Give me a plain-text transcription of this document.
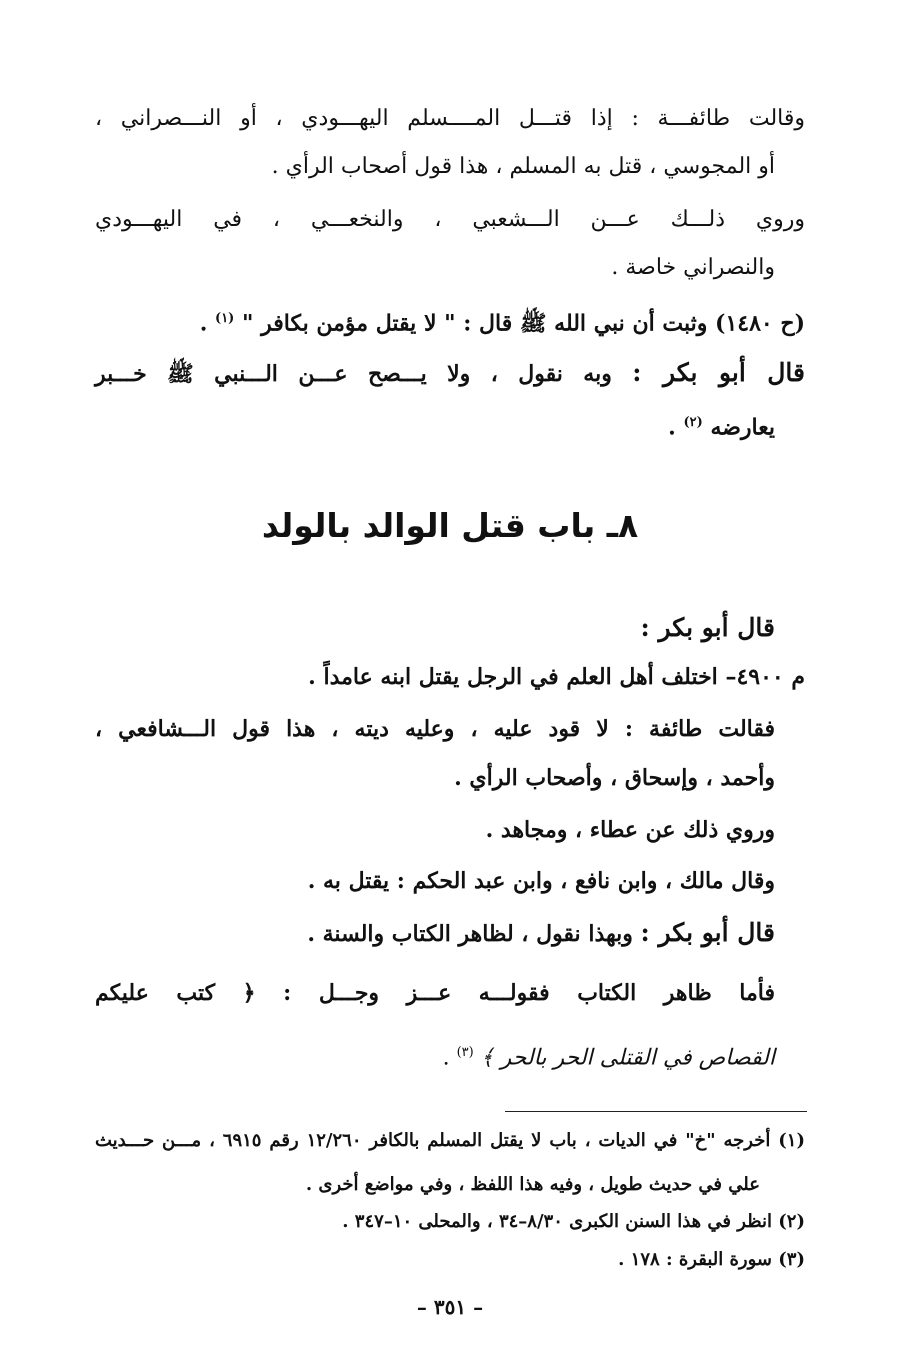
وقالت طائفـــة : إذا قتـــل المــــسلم اليهـــودي ، أو النـــصراني ،
أو المجوسي ، قتل به المسلم ، هذا قول أصحاب الرأي .
وروي ذلـــك عـــن الـــشعبي ، والنخعـــي ، في اليهـــودي
والنصراني خاصة .
(ح ١٤٨٠) وثبت أن نبي الله ﷺ قال : " لا يقتل مؤمن بكافر " $^{(١)}$ .
قال أبو بكر : وبه نقول ، ولا يـــصح عـــن الـــنبي ﷺ خـــبر
يعارضه $^{(٢)}$ .
٨ـ باب قتل الوالد بالولد
قال أبو بكر :
م ٤٩٠٠– اختلف أهل العلم في الرجل يقتل ابنه عامداً .
فقالت طائفة : لا قود عليه ، وعليه ديته ، هذا قول الـــشافعي ،
وأحمد ، وإسحاق ، وأصحاب الرأي .
وروي ذلك عن عطاء ، ومجاهد .
وقال مالك ، وابن نافع ، وابن عبد الحكم : يقتل به .
قال أبو بكر : وبهذا نقول ، لظاهر الكتاب والسنة .
فأما ظاهر الكتاب فقولـــه عـــز وجـــل : ﴿ كتب عليكم
القصاص في القتلى الحر بالحر ﴾ $^{(٣)}$ .
(١) أخرجه "خ" في الديات ، باب لا يقتل المسلم بالكافر ١٢/٢٦٠ رقم ٦٩١٥ ، مـــن حـــديث
علي في حديث طويل ، وفيه هذا اللفظ ، وفي مواضع أخرى .
(٢) انظر في هذا السنن الكبرى ٨/٣٠–٣٤ ، والمحلى ١٠–٣٤٧ .
(٣) سورة البقرة : ١٧٨ .
– ٣٥١ –
